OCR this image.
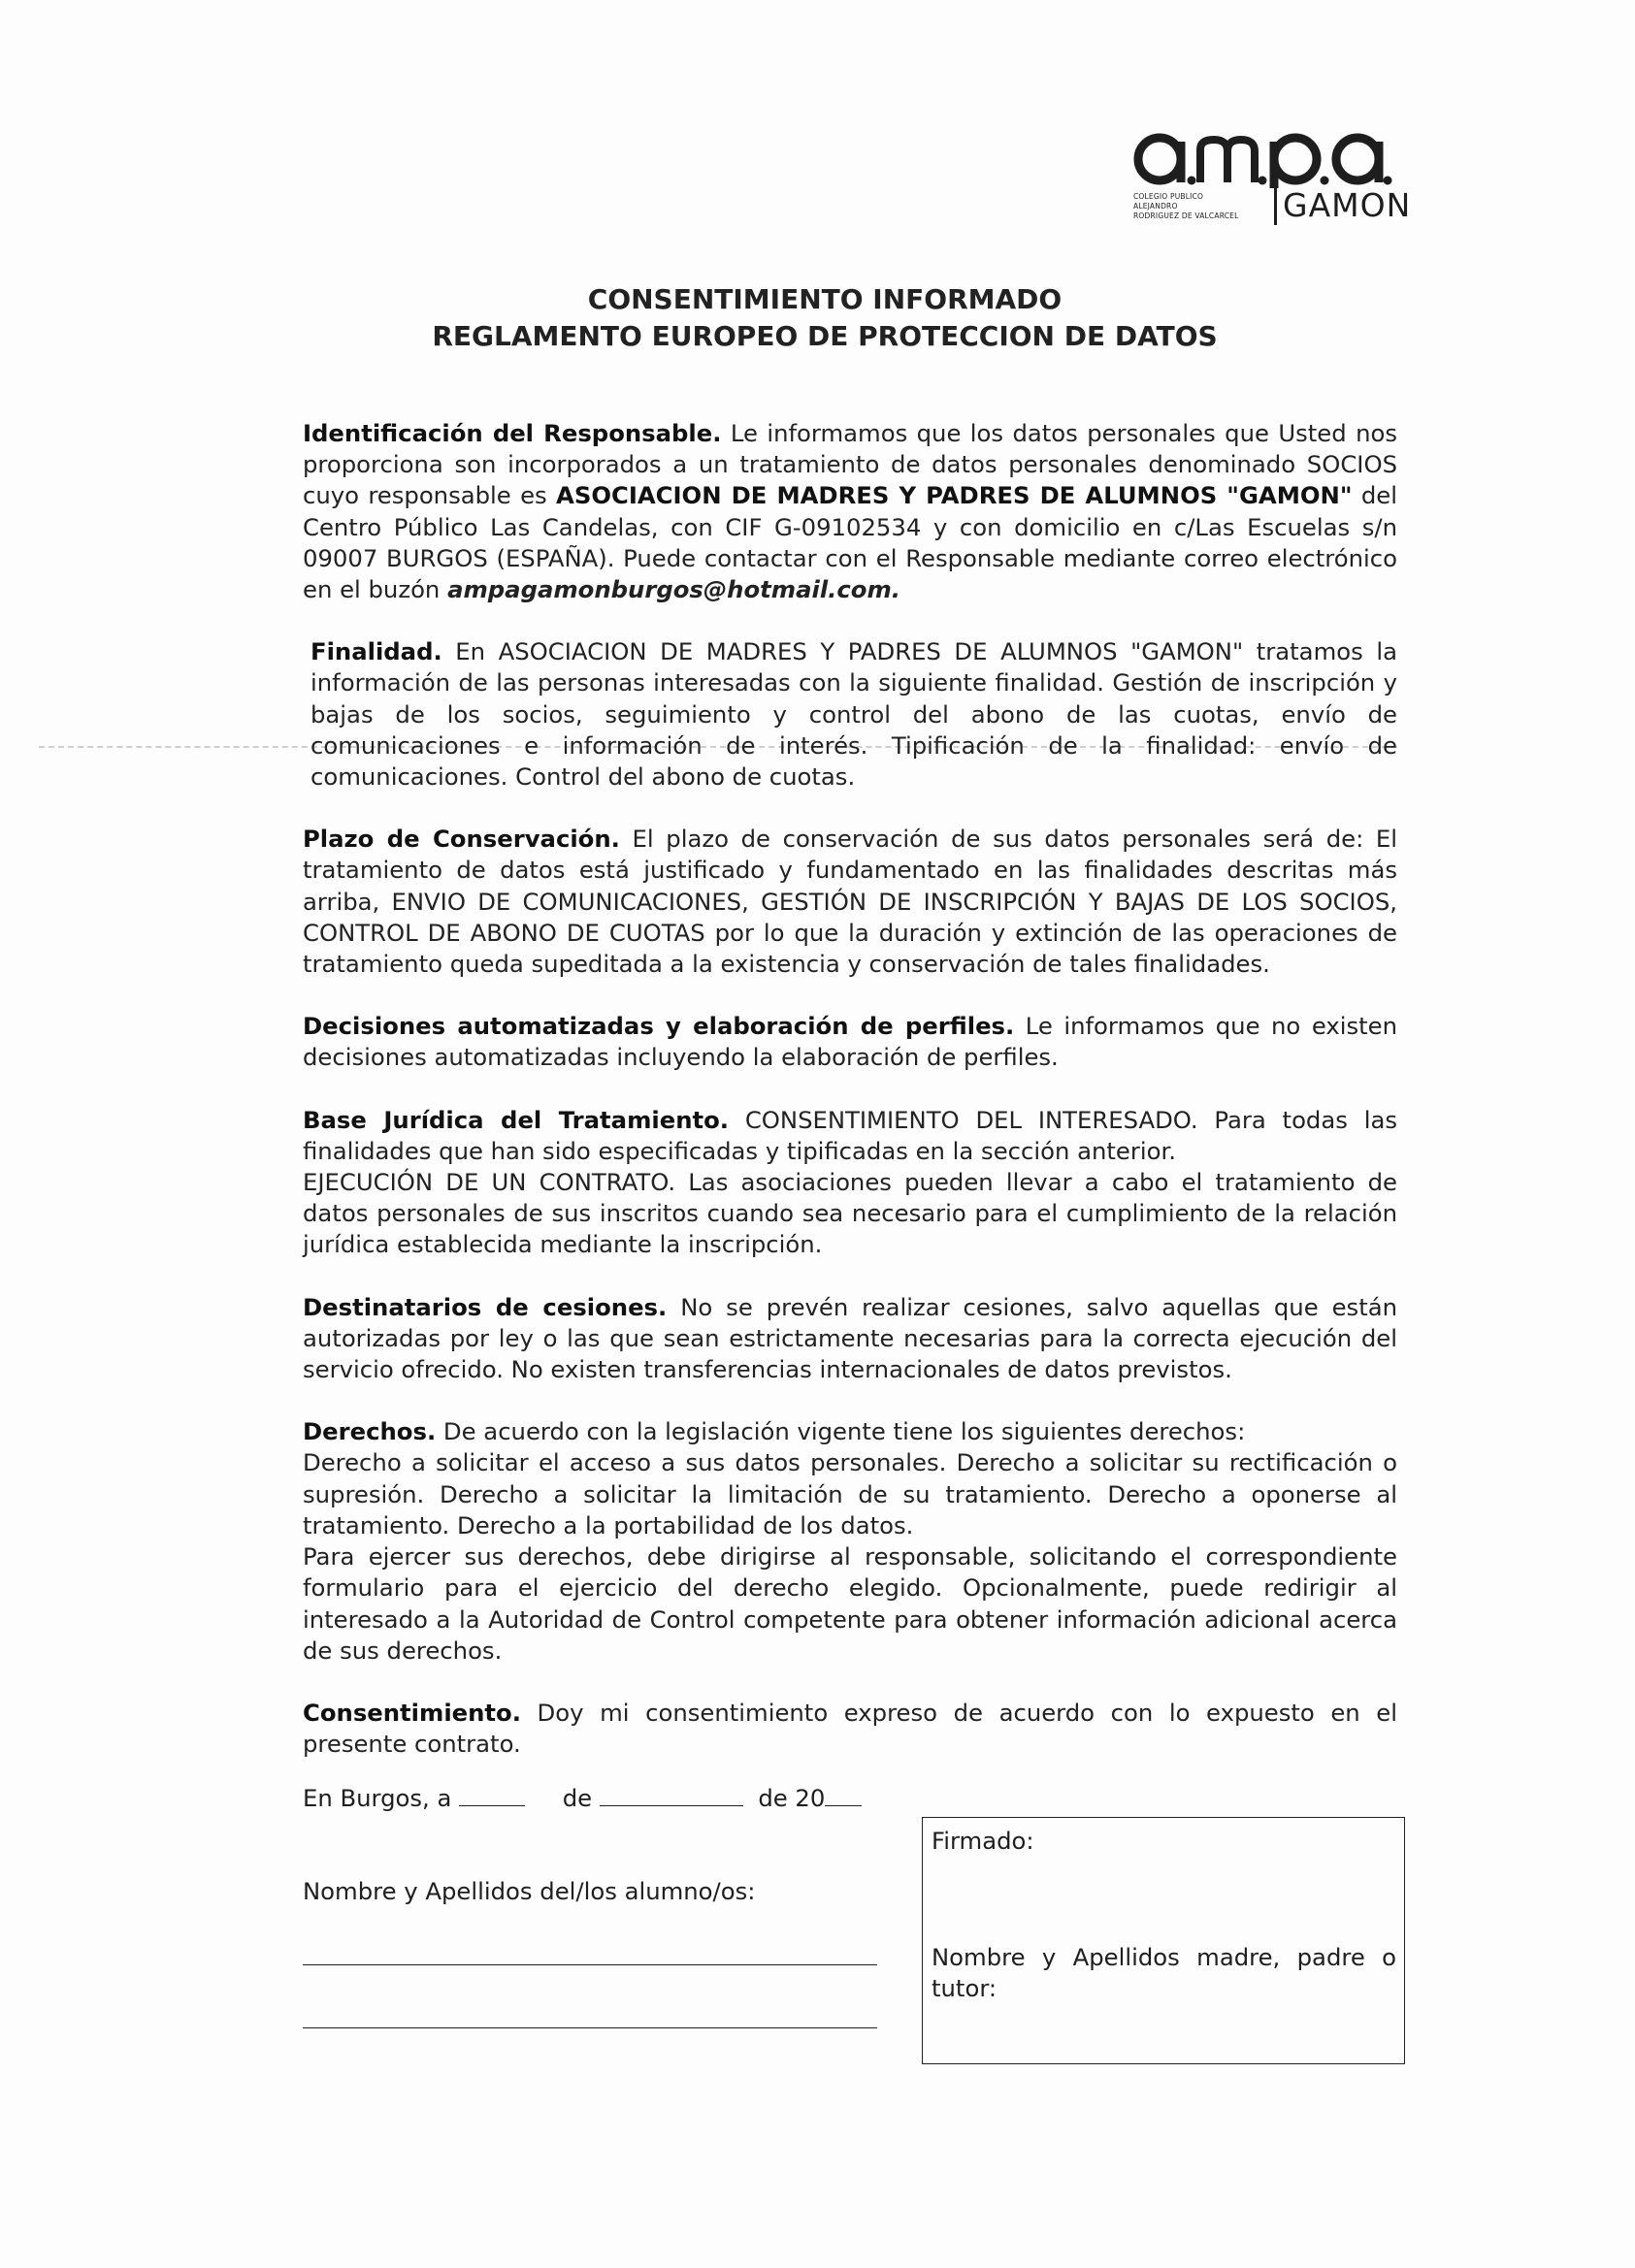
COLEGIO PUBLICO
ALEJANDRO
RODRIGUEZ DE VALCARCEL	GAMON
CONSENTIMIENTO INFORMADO
REGLAMENTO EUROPEO DE PROTECCION DE DATOS

Identificación del Responsable. Le informamos que los datos personales que Usted nos proporciona son incorporados a un tratamiento de datos personales denominado SOCIOS cuyo responsable es ASOCIACION DE MADRES Y PADRES DE ALUMNOS "GAMON" del Centro Público Las Candelas, con CIF G-09102534 y con domicilio en c/Las Escuelas s/n 09007 BURGOS (ESPAÑA). Puede contactar con el Responsable mediante correo electrónico en el buzón ampagamonburgos@hotmail.com.

Finalidad. En ASOCIACION DE MADRES Y PADRES DE ALUMNOS "GAMON" tratamos la información de las personas interesadas con la siguiente finalidad. Gestión de inscripción y bajas de los socios, seguimiento y control del abono de las cuotas, envío de comunicaciones e información de interés. Tipificación de la finalidad: envío de comunicaciones. Control del abono de cuotas.

Plazo de Conservación. El plazo de conservación de sus datos personales será de: El tratamiento de datos está justificado y fundamentado en las finalidades descritas más arriba, ENVIO DE COMUNICACIONES, GESTIÓN DE INSCRIPCIÓN Y BAJAS DE LOS SOCIOS, CONTROL DE ABONO DE CUOTAS por lo que la duración y extinción de las operaciones de tratamiento queda supeditada a la existencia y conservación de tales finalidades.

Decisiones automatizadas y elaboración de perfiles. Le informamos que no existen decisiones automatizadas incluyendo la elaboración de perfiles.

Base Jurídica del Tratamiento. CONSENTIMIENTO DEL INTERESADO. Para todas las finalidades que han sido especificadas y tipificadas en la sección anterior.
EJECUCIÓN DE UN CONTRATO. Las asociaciones pueden llevar a cabo el tratamiento de datos personales de sus inscritos cuando sea necesario para el cumplimiento de la relación jurídica establecida mediante la inscripción.

Destinatarios de cesiones. No se prevén realizar cesiones, salvo aquellas que están autorizadas por ley o las que sean estrictamente necesarias para la correcta ejecución del servicio ofrecido. No existen transferencias internacionales de datos previstos.

Derechos. De acuerdo con la legislación vigente tiene los siguientes derechos:
Derecho a solicitar el acceso a sus datos personales. Derecho a solicitar su rectificación o supresión. Derecho a solicitar la limitación de su tratamiento. Derecho a oponerse al tratamiento. Derecho a la portabilidad de los datos.
Para ejercer sus derechos, debe dirigirse al responsable, solicitando el correspondiente formulario para el ejercicio del derecho elegido. Opcionalmente, puede redirigir al interesado a la Autoridad de Control competente para obtener información adicional acerca de sus derechos.

Consentimiento. Doy mi consentimiento expreso de acuerdo con lo expuesto en el presente contrato.

En Burgos, a	de	de 20
Nombre y Apellidos del/los alumno/os:
Firmado:
Nombre y Apellidos madre, padre o tutor:
